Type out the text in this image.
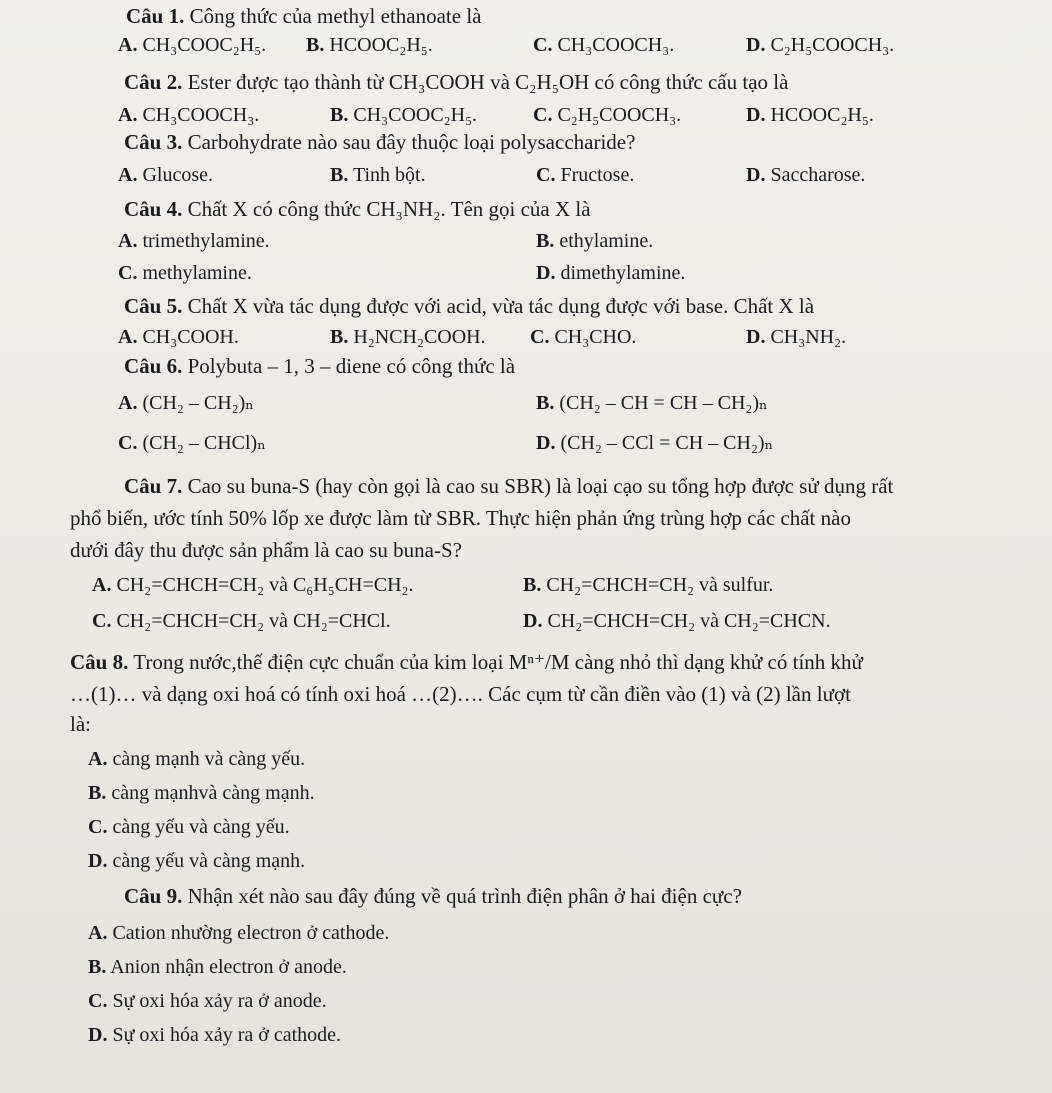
Câu 1. Công thức của methyl ethanoate là
A. CH₃COOC₂H₅. B. HCOOC₂H₅.	C. CH₃COOCH₃.	D. C₂H₅COOCH₃.
Câu 2. Ester được tạo thành từ CH₃COOH và C₂H₅OH có công thức cấu tạo là
A. CH₃COOCH₃.	B. CH₃COOC₂H₅.	C. C₂H₅COOCH₃.	D. HCOOC₂H₅.
Câu 3. Carbohydrate nào sau đây thuộc loại polysaccharide?
A. Glucose.	B. Tinh bột.	C. Fructose.	D. Saccharose.
Câu 4. Chất X có công thức CH₃NH₂. Tên gọi của X là
A. trimethylamine.	B. ethylamine.
C. methylamine.	D. dimethylamine.
Câu 5. Chất X vừa tác dụng được với acid, vừa tác dụng được với base. Chất X là
A. CH₃COOH.	B. H₂NCH₂COOH. C. CH₃CHO.	D. CH₃NH₂.
Câu 6. Polybuta – 1, 3 – diene có công thức là
A. (CH₂ – CH₂)ₙ	B. (CH₂ – CH = CH – CH₂)ₙ
C. (CH₂ – CHCl)ₙ	D. (CH₂ – CCl = CH – CH₂)ₙ
Câu 7. Cao su buna-S (hay còn gọi là cao su SBR) là loại cạo su tổng hợp được sử dụng rất
phổ biến, ước tính 50% lốp xe được làm từ SBR. Thực hiện phản ứng trùng hợp các chất nào
dưới đây thu được sản phẩm là cao su buna-S?
A. CH₂=CHCH=CH₂ và C₆H₅CH=CH₂.	B. CH₂=CHCH=CH₂ và sulfur.
C. CH₂=CHCH=CH₂ và CH₂=CHCl.	D. CH₂=CHCH=CH₂ và CH₂=CHCN.
Câu 8. Trong nước,thế điện cực chuẩn của kim loại Mⁿ⁺/M càng nhỏ thì dạng khử có tính khử
…(1)… và dạng oxi hoá có tính oxi hoá …(2)…. Các cụm từ cần điền vào (1) và (2) lần lượt
là:
A. càng mạnh và càng yếu.
B. càng mạnhvà càng mạnh.
C. càng yếu và càng yếu.
D. càng yếu và càng mạnh.
Câu 9. Nhận xét nào sau đây đúng về quá trình điện phân ở hai điện cực?
A. Cation nhường electron ở cathode.
B. Anion nhận electron ở anode.
C. Sự oxi hóa xảy ra ở anode.
D. Sự oxi hóa xảy ra ở cathode.
